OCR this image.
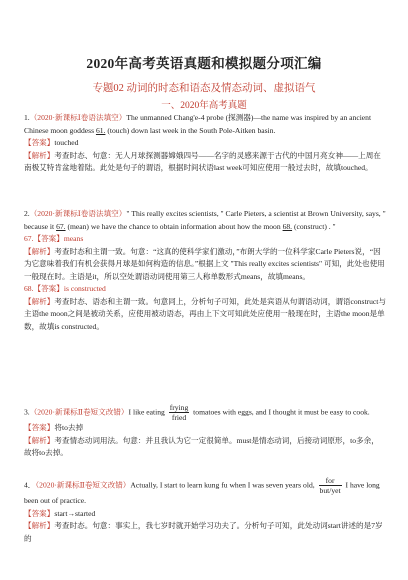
2020年高考英语真题和模拟题分项汇编
专题02 动词的时态和语态及情态动词、虚拟语气
一、2020年高考真题

1.（2020·新课标Ⅰ卷语法填空）The unmanned Chang'e-4 probe (探测器)—the name was inspired by an ancient Chinese moon goddess 61. (touch) down last week in the South Pole-Aitken basin.

【答案】touched

【解析】考查时态、句意：无人月球探测器嫦娥四号——名字的灵感来源于古代的中国月亮女神——上周在南极艾特肯盆地着陆。此处是句子的谓语，根据时间状语last week可知应使用一般过去时，故填touched。

2.（2020·新课标Ⅰ卷语法填空）" This really excites scientists, " Carle Pieters, a scientist at Brown University, says, " because it 67. (mean) we have the chance to obtain information about how the moon 68. (construct) . "

67.【答案】means

【解析】考查时态和主谓一致。句意：“这真的使科学家们激动，”布朗大学的一位科学家Carle Pieters说，“因为它意味着我们有机会获得月球是如何构造的信息。”根据上文 "This really excites scientists" 可知，此处也使用一般现在时。主语是it，所以空处谓语动词使用第三人称单数形式means，故填means。

68.【答案】is constructed

【解析】考查时态、语态和主谓一致。句意同上，分析句子可知，此处是宾语从句谓语动词，谓语construct与主语the moon之间是被动关系，应使用被动语态，再由上下文可知此处应使用一般现在时，主语the moon是单数，故填is constructed。

3.（2020·新课标Ⅱ卷短文改错）I like eating frying
fried
tomatoes with eggs, and I thought it must be easy to cook.

【答案】将to去掉

【解析】考查情态动词用法。句意：并且我认为它一定很简单。must是情态动词，后接动词原形，to多余，故将to去掉。

4．（2020·新课标Ⅱ卷短文改错）Actually, I start to learn kung fu when I was seven years old,	for
but/yet
I have long been out of practice.

【答案】start→started

【解析】考查时态。句意：事实上，我七岁时就开始学习功夫了。分析句子可知，此处动词start讲述的是7岁的
